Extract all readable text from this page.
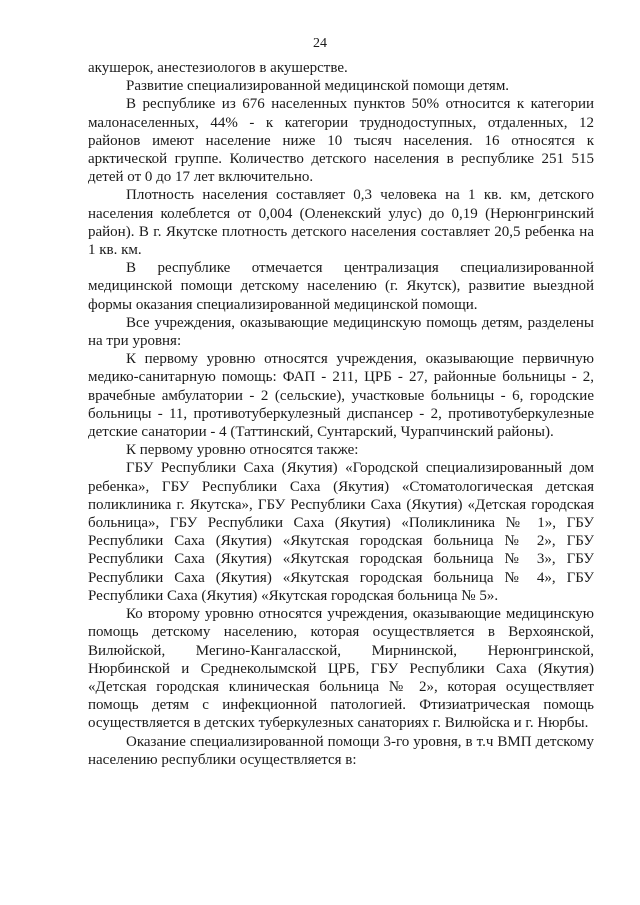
24

акушерок, анестезиологов в акушерстве.

Развитие специализированной медицинской помощи детям.

В республике из 676 населенных пунктов 50% относится к категории малонаселенных, 44% - к категории труднодоступных, отдаленных, 12 районов имеют население ниже 10 тысяч населения. 16 относятся к арктической группе. Количество детского населения в республике 251 515 детей от 0 до 17 лет включительно.

Плотность населения составляет 0,3 человека на 1 кв. км, детского населения колеблется от 0,004 (Оленекский улус) до 0,19 (Нерюнгринский район). В г. Якутске плотность детского населения составляет 20,5 ребенка на 1 кв. км.

В республике отмечается централизация специализированной медицинской помощи детскому населению (г. Якутск), развитие выездной формы оказания специализированной медицинской помощи.

Все учреждения, оказывающие медицинскую помощь детям, разделены на три уровня:

К первому уровню относятся учреждения, оказывающие первичную медико-санитарную помощь: ФАП - 211, ЦРБ - 27, районные больницы - 2, врачебные амбулатории - 2 (сельские), участковые больницы - 6, городские больницы - 11, противотуберкулезный диспансер - 2, противотуберкулезные детские санатории - 4 (Таттинский, Сунтарский, Чурапчинский районы).

К первому уровню относятся также:

ГБУ Республики Саха (Якутия) «Городской специализированный дом ребенка», ГБУ Республики Саха (Якутия) «Стоматологическая детская поликлиника г. Якутска», ГБУ Республики Саха (Якутия) «Детская городская больница», ГБУ Республики Саха (Якутия) «Поликлиника № 1», ГБУ Республики Саха (Якутия) «Якутская городская больница № 2», ГБУ Республики Саха (Якутия) «Якутская городская больница № 3», ГБУ Республики Саха (Якутия) «Якутская городская больница № 4», ГБУ Республики Саха (Якутия) «Якутская городская больница № 5».

Ко второму уровню относятся учреждения, оказывающие медицинскую помощь детскому населению, которая осуществляется в Верхоянской, Вилюйской, Мегино-Кангаласской, Мирнинской, Нерюнгринской, Нюрбинской и Среднеколымской ЦРБ, ГБУ Республики Саха (Якутия) «Детская городская клиническая больница № 2», которая осуществляет помощь детям с инфекционной патологией. Фтизиатрическая помощь осуществляется в детских туберкулезных санаториях г. Вилюйска и г. Нюрбы.

Оказание специализированной помощи 3-го уровня, в т.ч ВМП детскому населению республики осуществляется в:
